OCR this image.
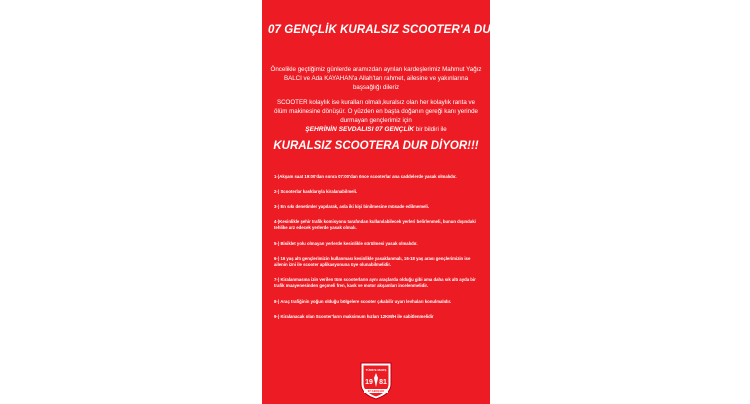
07 GENÇLİK KURALSIZ SCOOTER'A DUR DİYOR !

Öncelikle geçtiğimiz günlerde aramızdan ayrılan kardeşlerimiz Mahmut Yağız BALCI ve Ada KAYAHAN'a Allah'tan rahmet, ailesine ve yakınlarına başsağlığı dileriz

SCOOTER kolaylık ise kuralları olmalı,kuralsız olan her kolaylık ranta ve ölüm makinesine dönüşür. O yüzden en başta doğanın gereği kanı yerinde durmayan gençlerimiz için
ŞEHRİNİN SEVDALISI 07 GENÇLİK bir bildiri ile

KURALSIZ SCOOTERA DUR DİYOR!!!
1-)Akşam saat 19:00'dan sonra 07:00'dan önce scooterlar ana caddelerde yasak olmalıdır.
2-) Scooterlar kasklarıyla kiralanabilmeli.
3-) En sıkı denetimler yapılarak, asla iki kişi binilmesine müsade edilmemeli.
4-)Kesinlikle şehir trafik komisyonu tarafından kullanılabilecek yerleri belirlenmeli, bunun dışındaki tehlike arz edecek yerlerde yasak olmalı.
5-) Bisiklet yolu olmayan yerlerde kesinlikle sürülmesi yasak olmalıdır.
6-) 16 yaş altı gençlerimizin kullanması kesinlikle yasaklanmalı, 16-18 yaş arası gençlerimizin ise ailenin izni ile scooter aplikasyonuna üye olunabilmelidir.
7-) Kiralanmasına izin verilen tüm scooterların aynı araçlarda olduğu gibi ama daha sık altı ayda bir trafik muayenesinden geçmeli fren, kask ve motor akşamları incelenmelidir.
8-) Araç trafiğinin yoğun olduğu bölgelere scooter çıkabilir uyarı levhaları konulmalıdır.
9-) Kiralanacak olan Scooter'ların maksimum hızları 12KM/H ile sabitlenmelidir
TÜRK'E MARŞ
19 81
07 GENÇLİK
